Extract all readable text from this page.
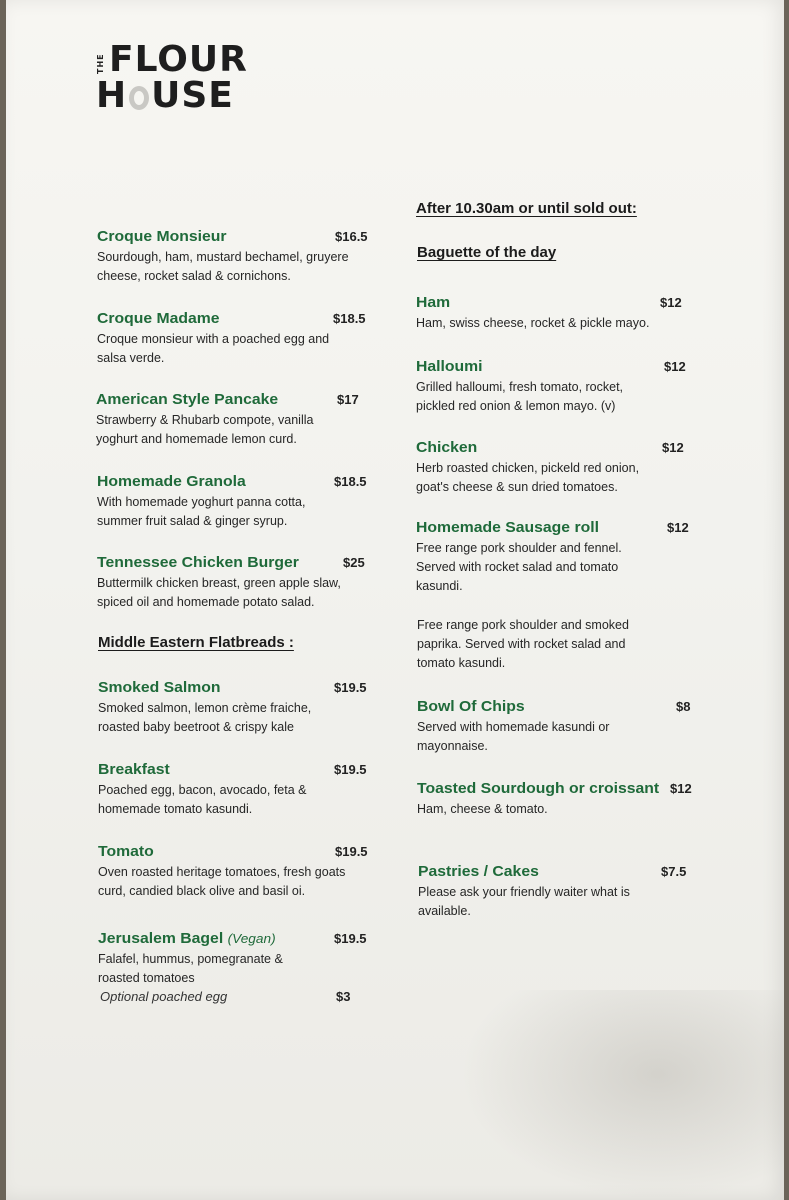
THE FLOUR
H USE
Croque Monsieur	$16.5
Sourdough, ham, mustard bechamel, gruyere
cheese, rocket salad & cornichons.
Croque Madame	$18.5
Croque monsieur with a poached egg and
salsa verde.
American Style Pancake	$17
Strawberry & Rhubarb compote, vanilla
yoghurt and homemade lemon curd.
Homemade Granola	$18.5
With homemade yoghurt panna cotta,
summer fruit salad & ginger syrup.
Tennessee Chicken Burger	$25
Buttermilk chicken breast, green apple slaw,
spiced oil and homemade potato salad.
Middle Eastern Flatbreads :
Smoked Salmon	$19.5
Smoked salmon, lemon crème fraiche,
roasted baby beetroot & crispy kale
Breakfast	$19.5
Poached egg, bacon, avocado, feta &
homemade tomato kasundi.
Tomato	$19.5
Oven roasted heritage tomatoes, fresh goats
curd, candied black olive and basil oi.
Jerusalem Bagel (Vegan)	$19.5
Falafel, hummus, pomegranate &
roasted tomatoes
Optional poached egg	$3
After 10.30am or until sold out:
Baguette of the day
Ham	$12
Ham, swiss cheese, rocket & pickle mayo.
Halloumi	$12
Grilled halloumi, fresh tomato, rocket,
pickled red onion & lemon mayo. (v)
Chicken	$12
Herb roasted chicken, pickeld red onion,
goat's cheese & sun dried tomatoes.
Homemade Sausage roll	$12
Free range pork shoulder and fennel.
Served with rocket salad and tomato
kasundi.
Free range pork shoulder and smoked
paprika. Served with rocket salad and
tomato kasundi.
Bowl Of Chips	$8
Served with homemade kasundi or
mayonnaise.
Toasted Sourdough or croissant $12
Ham, cheese & tomato.
Pastries / Cakes	$7.5
Please ask your friendly waiter what is
available.
